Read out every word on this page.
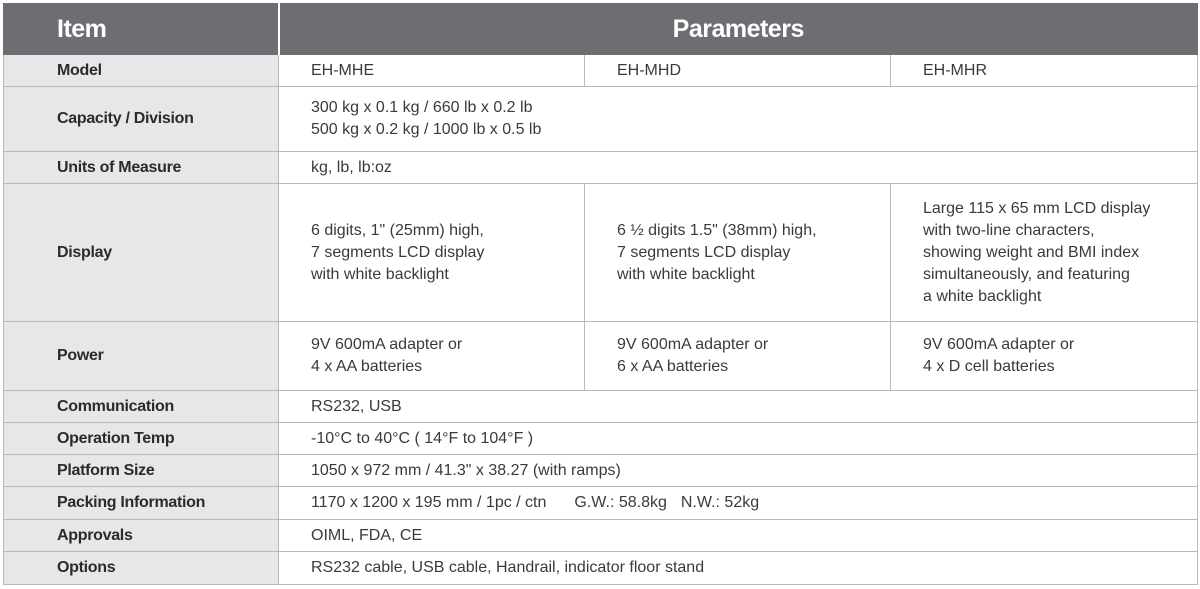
Item	Parameters		
Model	EH-MHE	EH-MHD	EH-MHR
Capacity / Division	300 kg x 0.1 kg / 660 lb x 0.2 lb
500 kg x 0.2 kg / 1000 lb x 0.5 lb		

Units of Measure	kg, lb, lb:oz		
Display	6 digits, 1" (25mm) high,
7 segments LCD display
with white backlight	6 ½ digits 1.5" (38mm) high,
7 segments LCD display
with white backlight	Large 115 x 65 mm LCD display
with two-line characters,
showing weight and BMI index
simultaneously, and featuring
a white backlight

Power	9V 600mA adapter or
4 x AA batteries	9V 600mA adapter or
6 x AA batteries	9V 600mA adapter or
4 x D cell batteries

Communication	RS232, USB		
Operation Temp	-10°C to 40°C ( 14°F to 104°F )		
Platform Size	1050 x 972 mm / 41.3" x 38.27 (with ramps)		
Packing Information	1170 x 1200 x 195 mm / 1pc / ctn G.W.: 58.8kg N.W.: 52kg		
Approvals	OIML, FDA, CE		
Options	RS232 cable, USB cable, Handrail, indicator floor stand		
